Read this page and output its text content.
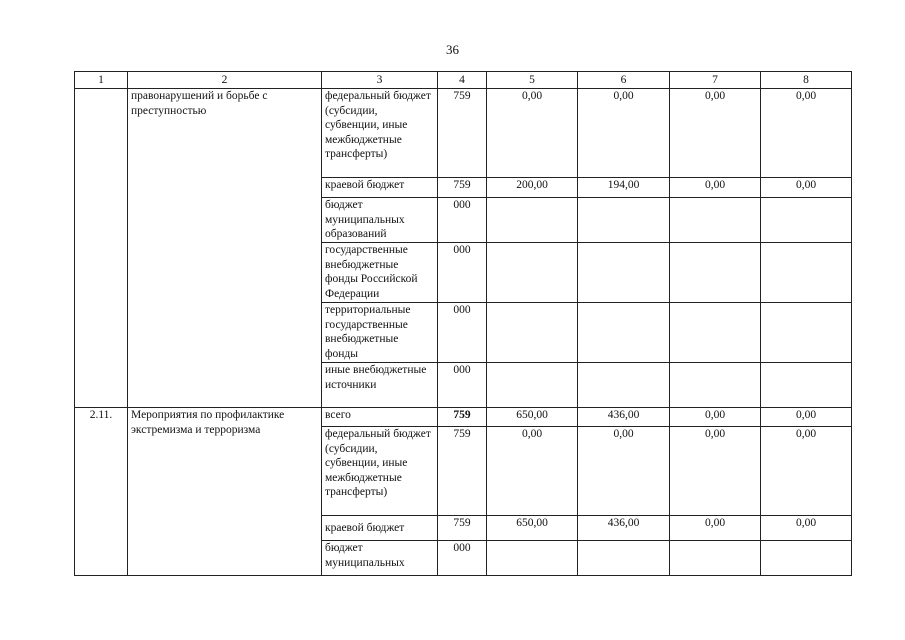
36
1	2	3	4	5	6	7	8
	правонарушений и борьбе с преступностью	федеральный бюджет (субсидии, субвенции, иные межбюджетные трансферты)	759	0,00	0,00	0,00	0,00
		краевой бюджет	759	200,00	194,00	0,00	0,00
		бюджет муниципальных образований	000				
		государственные внебюджетные фонды Российской Федерации	000				
		территориальные государственные внебюджетные фонды	000				
		иные внебюджетные источники	000				
2.11.	Мероприятия по профилактике экстремизма и терроризма	всего	759	650,00	436,00	0,00	0,00
		федеральный бюджет (субсидии, субвенции, иные межбюджетные трансферты)	759	0,00	0,00	0,00	0,00
		краевой бюджет	759	650,00	436,00	0,00	0,00
		бюджет муниципальных	000				
